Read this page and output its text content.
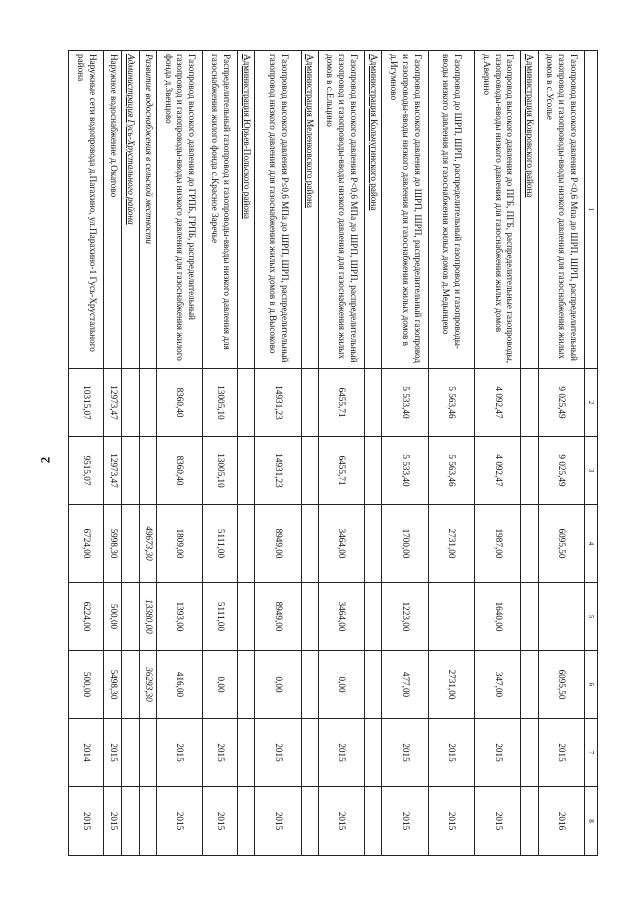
2
1	2	3	4	5	6	7	8
Газопровод высокого давления Р<0,6 Мпа до ШРП, ШРП, распределительный газопровод и газопроводы-вводы низкого давления для газоснабжения жилых домов в с.Усолье	9 025,49	9 025,49	6095,50		6095,50	2015	2016
Администрация Ковровского района							
Газопровод высокого давления до ПГБ, ПГБ, распределительные газопроводы, газопроводы-вводы низкого давления для газоснабжения жилых домов д.Аверино	4 092,47	4 092,47	1987,00	1640,00	347,00	2015	2015
Газопровод до ШРП, ШРП, распределительный газопровод и газопроводы-вводы низкого давления для газоснабжения жилых домов д.Медынцево	5 563,46	5 563,46	2731,00		2731,00	2015	2015
Газопровод высокого давления до ШРП, ШРП, распределительный газопровод и газопроводы-вводы низкого давления для газоснабжения жилых домов в д.Игумново	5 533,40	5 533,40	1700,00	1223,00	477,00	2015	2015
Администрация Кольчугинского района							
Газопровод высокого давления Р<0,6 МПа до ШРП, ШРП, распределительный газопровод и газопроводы-вводы низкого давления для газоснабжения жилых домов в с.Ельцино	6455,71	6455,71	3464,00	3464,00	0,00	2015	2015
Администрация Меленковского района							
Газопровод высокого давления Р≤0,6 МПа до ШРП, ШРП, распределительный газопровод низкого давления для газоснабжения жилых домов в д.Высоково	14931,23	14931,23	8949,00	8949,00	0,00	2015	2015
Администрация Юрьев-Польского района							
Распределительный газопровод и газопроводы-вводы низкого давления для газоснабжения жилого фонда с.Красное Заречье	13005,10	13005,10	5111,00	5111,00	0,00	2015	2015
Газопровод высокого давления до ГРПБ, ГРПБ, распределительный газопровод и газопроводы-вводы низкого давления для газоснабжения жилого фонда д.Звенцово	8360,40	8360,40	1809,00	1393,00	416,00	2015	2015
Развитие водоснабжения в сельской местности			49673,30	13380,00	36293,30		
Администрация Гусь-Хрустального района							
Наружное водоснабжение д.Окатово	12973,47	12973,47	5998,30	500,00	5498,30	2015	2015
Наружные сети водопровода д.Пarахино, ул.Парахино-1 Гусь-Хрустального района	10315,07	9515,07	6724,00	6224,00	500,00	2014	2015
